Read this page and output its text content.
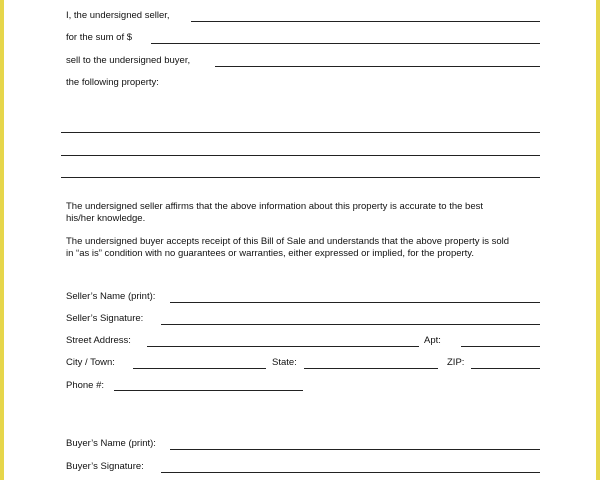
I, the undersigned seller,
for the sum of $
sell to the undersigned buyer,
the following property:
The undersigned seller affirms that the above information about this property is accurate to the best
his/her knowledge.
The undersigned buyer accepts receipt of this Bill of Sale and understands that the above property is sold
in “as is” condition with no guarantees or warranties, either expressed or implied, for the property.
Seller’s Name (print):
Seller’s Signature:
Street Address:	Apt:
City / Town:	State:	ZIP:
Phone #:
Buyer’s Name (print):
Buyer’s Signature:
